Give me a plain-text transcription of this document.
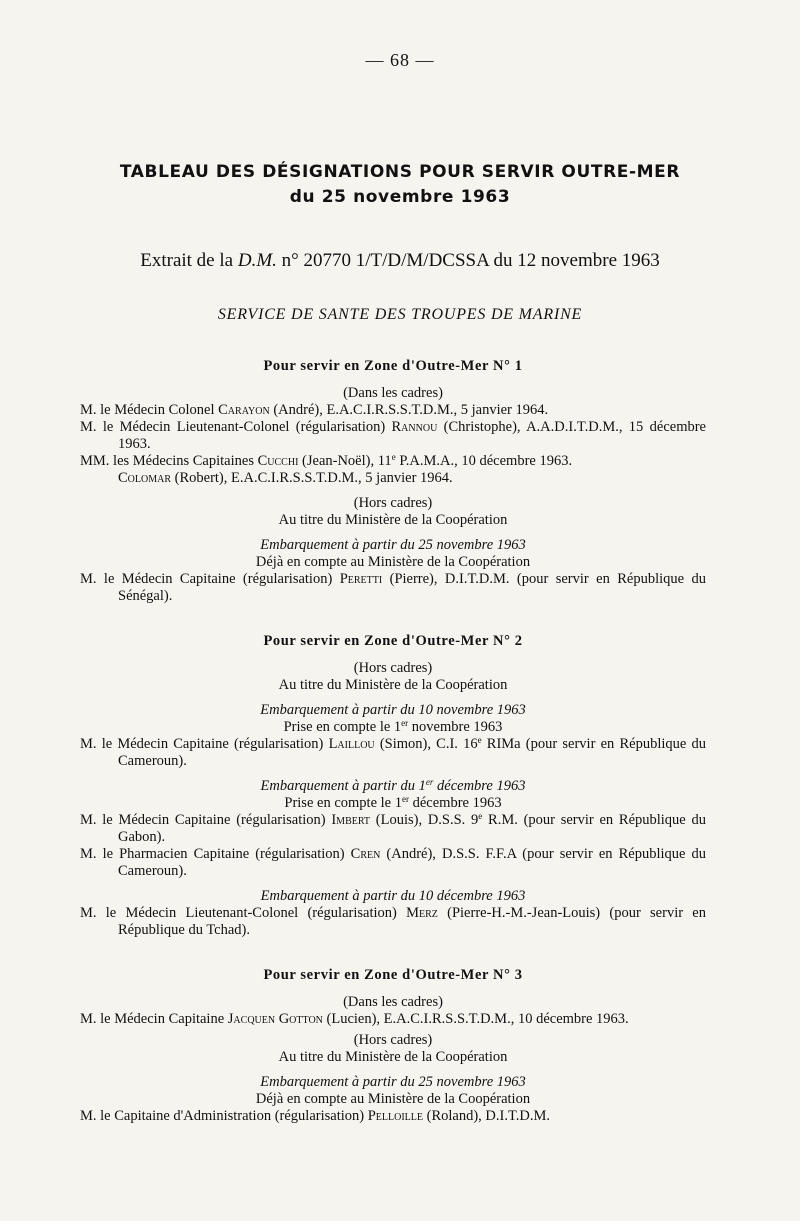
— 68 —
TABLEAU DES DÉSIGNATIONS POUR SERVIR OUTRE-MER
du 25 novembre 1963
Extrait de la D.M. n° 20770 1/T/D/M/DCSSA du 12 novembre 1963
SERVICE DE SANTE DES TROUPES DE MARINE
Pour servir en Zone d'Outre-Mer N° 1
(Dans les cadres)
M. le Médecin Colonel Carayon (André), E.A.C.I.R.S.S.T.D.M., 5 janvier 1964.
M. le Médecin Lieutenant-Colonel (régularisation) Rannou (Christophe), A.A.D.I.T.D.M., 15 décembre 1963.
MM. les Médecins Capitaines Cucchi (Jean-Noël), 11e P.A.M.A., 10 décembre 1963.
Colomar (Robert), E.A.C.I.R.S.S.T.D.M., 5 janvier 1964.
(Hors cadres)
Au titre du Ministère de la Coopération
Embarquement à partir du 25 novembre 1963
Déjà en compte au Ministère de la Coopération
M. le Médecin Capitaine (régularisation) Peretti (Pierre), D.I.T.D.M. (pour servir en République du Sénégal).
Pour servir en Zone d'Outre-Mer N° 2
(Hors cadres)
Au titre du Ministère de la Coopération
Embarquement à partir du 10 novembre 1963
Prise en compte le 1er novembre 1963
M. le Médecin Capitaine (régularisation) Laillou (Simon), C.I. 16e RIMa (pour servir en République du Cameroun).
Embarquement à partir du 1er décembre 1963
Prise en compte le 1er décembre 1963
M. le Médecin Capitaine (régularisation) Imbert (Louis), D.S.S. 9e R.M. (pour servir en République du Gabon).
M. le Pharmacien Capitaine (régularisation) Cren (André), D.S.S. F.F.A (pour servir en République du Cameroun).
Embarquement à partir du 10 décembre 1963
M. le Médecin Lieutenant-Colonel (régularisation) Merz (Pierre-H.-M.-Jean-Louis) (pour servir en République du Tchad).
Pour servir en Zone d'Outre-Mer N° 3
(Dans les cadres)
M. le Médecin Capitaine Jacquen Gotton (Lucien), E.A.C.I.R.S.S.T.D.M., 10 décembre 1963.
(Hors cadres)
Au titre du Ministère de la Coopération
Embarquement à partir du 25 novembre 1963
Déjà en compte au Ministère de la Coopération
M. le Capitaine d'Administration (régularisation) Pelloille (Roland), D.I.T.D.M.
